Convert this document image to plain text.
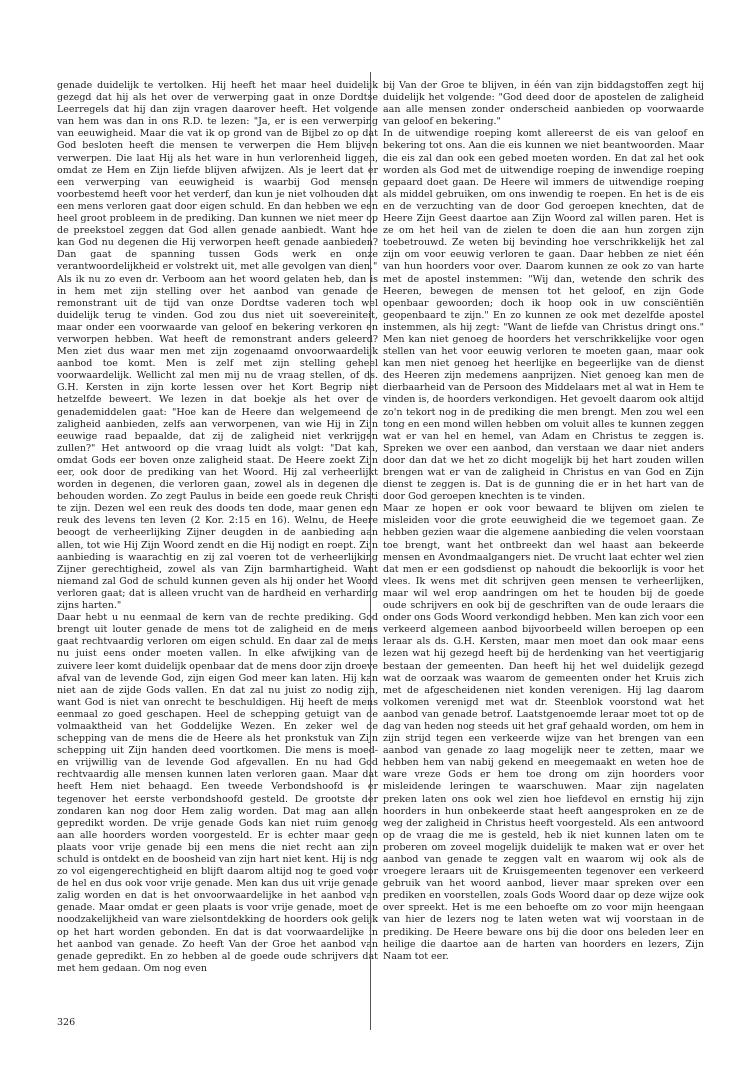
genade duidelijk te vertolken. Hij heeft het maar heel duidelijk gezegd dat hij als het over de verwerping gaat in onze Dordtse Leerregels dat hij dan zijn vragen daarover heeft. Het volgende van hem was dan in ons R.D. te lezen: "Ja, er is een verwerping van eeuwigheid. Maar die vat ik op grond van de Bijbel zo op dat God besloten heeft die mensen te verwerpen die Hem blijven verwerpen. Die laat Hij als het ware in hun verlorenheid liggen, omdat ze Hem en Zijn liefde blijven afwijzen. Als je leert dat er een verwerping van eeuwigheid is waarbij God mensen voorbestemd heeft voor het verderf, dan kun je niet volhouden dat een mens verloren gaat door eigen schuld. En dan hebben we een heel groot probleem in de prediking. Dan kunnen we niet meer op de preekstoel zeggen dat God allen genade aanbiedt. Want hoe kan God nu degenen die Hij verworpen heeft genade aanbieden? Dan gaat de spanning tussen Gods werk en onze verantwoordelijkheid er volstrekt uit, met alle gevolgen van dien."

Als ik nu zo even dr. Verboom aan het woord gelaten heb, dan is in hem met zijn stelling over het aanbod van genade de remonstrant uit de tijd van onze Dordtse vaderen toch wel duidelijk terug te vinden. God zou dus niet uit soevereiniteit, maar onder een voorwaarde van geloof en bekering verkoren en verworpen hebben. Wat heeft de remonstrant anders geleerd? Men ziet dus waar men met zijn zogenaamd onvoorwaardelijk aanbod toe komt. Men is zelf met zijn stelling geheel voorwaardelijk. Wellicht zal men mij nu de vraag stellen, of ds. G.H. Kersten in zijn korte lessen over het Kort Begrip niet hetzelfde beweert. We lezen in dat boekje als het over de genademiddelen gaat: "Hoe kan de Heere dan welgemeend de zaligheid aanbieden, zelfs aan verworpenen, van wie Hij in Zijn eeuwige raad bepaalde, dat zij de zaligheid niet verkrijgen zullen?" Het antwoord op die vraag luidt als volgt: "Dat kan, omdat Gods eer boven onze zaligheid staat. De Heere zoekt Zijn eer, ook door de prediking van het Woord. Hij zal verheerlijkt worden in degenen, die verloren gaan, zowel als in degenen die behouden worden. Zo zegt Paulus in beide een goede reuk Christi te zijn. Dezen wel een reuk des doods ten dode, maar genen een reuk des levens ten leven (2 Kor. 2:15 en 16). Welnu, de Heere beoogt de verheerlijking Zijner deugden in de aanbieding aan allen, tot wie Hij Zijn Woord zendt en die Hij nodigt en roept. Zijn aanbieding is waarachtig en zij zal voeren tot de verheerlijking Zijner gerechtigheid, zowel als van Zijn barmhartigheid. Want niemand zal God de schuld kunnen geven als hij onder het Woord verloren gaat; dat is alleen vrucht van de hardheid en verharding zijns harten."

Daar hebt u nu eenmaal de kern van de rechte prediking. God brengt uit louter genade de mens tot de zaligheid en de mens gaat rechtvaardig verloren om eigen schuld. En daar zal de mens nu juist eens onder moeten vallen. In elke afwijking van de zuivere leer komt duidelijk openbaar dat de mens door zijn droeve afval van de levende God, zijn eigen God meer kan laten. Hij kan niet aan de zijde Gods vallen. En dat zal nu juist zo nodig zijn, want God is niet van onrecht te beschuldigen. Hij heeft de mens eenmaal zo goed geschapen. Heel de schepping getuigt van de volmaaktheid van het Goddelijke Wezen. En zeker wel de schepping van de mens die de Heere als het pronkstuk van Zijn schepping uit Zijn handen deed voortkomen. Die mens is moed- en vrijwillig van de levende God afgevallen. En nu had God rechtvaardig alle mensen kunnen laten verloren gaan. Maar dat heeft Hem niet behaagd. Een tweede Verbondshoofd is er tegenover het eerste verbondshoofd gesteld. De grootste der zondaren kan nog door Hem zalig worden. Dat mag aan allen gepredikt worden. De vrije genade Gods kan niet ruim genoeg aan alle hoorders worden voorgesteld. Er is echter maar geen plaats voor vrije genade bij een mens die niet recht aan zijn schuld is ontdekt en de boosheid van zijn hart niet kent. Hij is nog zo vol eigengerechtigheid en blijft daarom altijd nog te goed voor de hel en dus ook voor vrije genade. Men kan dus uit vrije genade zalig worden en dat is het onvoorwaardelijke in het aanbod van genade. Maar omdat er geen plaats is voor vrije genade, moet de noodzakelijkheid van ware zielsontdekking de hoorders ook gelijk op het hart worden gebonden. En dat is dat voorwaardelijke in het aanbod van genade. Zo heeft Van der Groe het aanbod van genade gepredikt. En zo hebben al de goede oude schrijvers dat met hem gedaan. Om nog even

bij Van der Groe te blijven, in één van zijn biddagstoffen zegt hij duidelijk het volgende: "God deed door de apostelen de zaligheid aan alle mensen zonder onderscheid aanbieden op voorwaarde van geloof en bekering."

In de uitwendige roeping komt allereerst de eis van geloof en bekering tot ons. Aan die eis kunnen we niet beantwoorden. Maar die eis zal dan ook een gebed moeten worden. En dat zal het ook worden als God met de uitwendige roeping de inwendige roeping gepaard doet gaan. De Heere wil immers de uitwendige roeping als middel gebruiken, om ons inwendig te roepen. En het is de eis en de verzuchting van de door God geroepen knechten, dat de Heere Zijn Geest daartoe aan Zijn Woord zal willen paren. Het is ze om het heil van de zielen te doen die aan hun zorgen zijn toebetrouwd. Ze weten bij bevinding hoe verschrikkelijk het zal zijn om voor eeuwig verloren te gaan. Daar hebben ze niet één van hun hoorders voor over. Daarom kunnen ze ook zo van harte met de apostel instemmen: "Wij dan, wetende den schrik des Heeren, bewegen de mensen tot het geloof, en zijn Gode openbaar gewoorden; doch ik hoop ook in uw consciëntiën geopenbaard te zijn." En zo kunnen ze ook met dezelfde apostel instemmen, als hij zegt: "Want de liefde van Christus dringt ons." Men kan niet genoeg de hoorders het verschrikkelijke voor ogen stellen van het voor eeuwig verloren te moeten gaan, maar ook kan men niet genoeg het heerlijke en begeerlijke van de dienst des Heeren zijn medemens aanprijzen. Niet genoeg kan men de dierbaarheid van de Persoon des Middelaars met al wat in Hem te vinden is, de hoorders verkondigen. Het gevoelt daarom ook altijd zo'n tekort nog in de prediking die men brengt. Men zou wel een tong en een mond willen hebben om voluit alles te kunnen zeggen wat er van hel en hemel, van Adam en Christus te zeggen is. Spreken we over een aanbod, dan verstaan we daar niet anders door dan dat we het zo dicht mogelijk bij het hart zouden willen brengen wat er van de zaligheid in Christus en van God en Zijn dienst te zeggen is. Dat is de gunning die er in het hart van de door God geroepen knechten is te vinden.

Maar ze hopen er ook voor bewaard te blijven om zielen te misleiden voor die grote eeuwigheid die we tegemoet gaan. Ze hebben gezien waar die algemene aanbieding die velen voorstaan toe brengt, want het ontbreekt dan wel haast aan bekeerde mensen en Avondmaalgangers niet. De vrucht laat echter wel zien dat men er een godsdienst op nahoudt die bekoorlijk is voor het vlees. Ik wens met dit schrijven geen mensen te verheerlijken, maar wil wel erop aandringen om het te houden bij de goede oude schrijvers en ook bij de geschriften van de oude leraars die onder ons Gods Woord verkondigd hebben. Men kan zich voor een verkeerd algemeen aanbod bijvoorbeeld willen beroepen op een leraar als ds. G.H. Kersten, maar men moet dan ook maar eens lezen wat hij gezegd heeft bij de herdenking van het veertigjarig bestaan der gemeenten. Dan heeft hij het wel duidelijk gezegd wat de oorzaak was waarom de gemeenten onder het Kruis zich met de afgescheidenen niet konden verenigen. Hij lag daarom volkomen verenigd met wat dr. Steenblok voorstond wat het aanbod van genade betrof. Laatstgenoemde leraar moet tot op de dag van heden nog steeds uit het graf gehaald worden, om hem in zijn strijd tegen een verkeerde wijze van het brengen van een aanbod van genade zo laag mogelijk neer te zetten, maar we hebben hem van nabij gekend en meegemaakt en weten hoe de ware vreze Gods er hem toe drong om zijn hoorders voor misleidende leringen te waarschuwen. Maar zijn nagelaten preken laten ons ook wel zien hoe liefdevol en ernstig hij zijn hoorders in hun onbekeerde staat heeft aangesproken en ze de weg der zaligheid in Christus heeft voorgesteld. Als een antwoord op de vraag die me is gesteld, heb ik niet kunnen laten om te proberen om zoveel mogelijk duidelijk te maken wat er over het aanbod van genade te zeggen valt en waarom wij ook als de vroegere leraars uit de Kruisgemeenten tegenover een verkeerd gebruik van het woord aanbod, liever maar spreken over een prediken en voorstellen, zoals Gods Woord daar op deze wijze ook over spreekt. Het is me een behoefte om zo voor mijn heengaan van hier de lezers nog te laten weten wat wij voorstaan in de prediking. De Heere beware ons bij die door ons beleden leer en heilige die daartoe aan de harten van hoorders en lezers, Zijn Naam tot eer.

326
